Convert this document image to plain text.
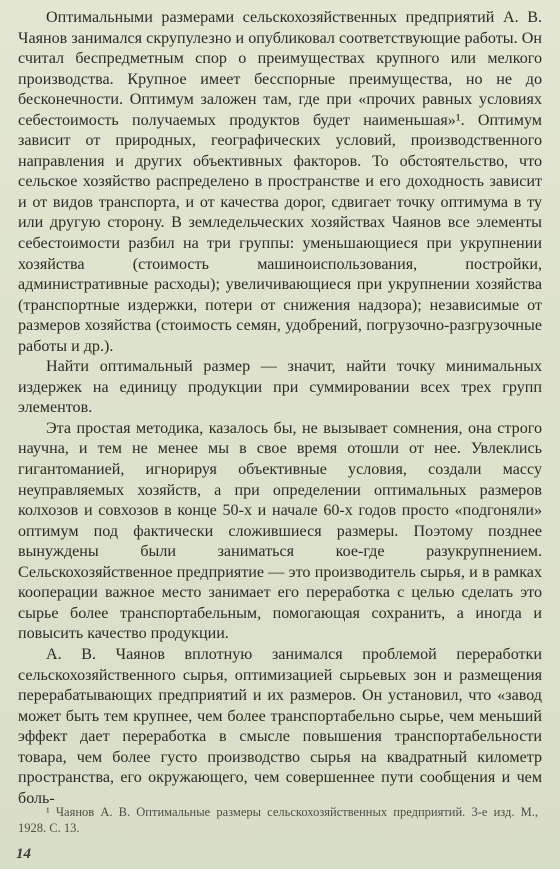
Оптимальными размерами сельскохозяйственных предприятий А. В. Чаянов занимался скрупулезно и опубликовал соответствующие работы. Он считал беспредметным спор о преимуществах крупного или мелкого производства. Крупное имеет бесспорные преимущества, но не до бесконечности. Оптимум заложен там, где при «прочих равных условиях себестоимость получаемых продуктов будет наименьшая»¹. Оптимум зависит от природных, географических условий, производственного направления и других объективных факторов. То обстоятельство, что сельское хозяйство распределено в пространстве и его доходность зависит и от видов транспорта, и от качества дорог, сдвигает точку оптимума в ту или другую сторону. В земледельческих хозяйствах Чаянов все элементы себестоимости разбил на три группы: уменьшающиеся при укрупнении хозяйства (стоимость машиноиспользования, постройки, административные расходы); увеличивающиеся при укрупнении хозяйства (транспортные издержки, потери от снижения надзора); независимые от размеров хозяйства (стоимость семян, удобрений, погрузочно-разгрузочные работы и др.).

Найти оптимальный размер — значит, найти точку минимальных издержек на единицу продукции при суммировании всех трех групп элементов.

Эта простая методика, казалось бы, не вызывает сомнения, она строго научна, и тем не менее мы в свое время отошли от нее. Увлеклись гигантоманией, игнорируя объективные условия, создали массу неуправляемых хозяйств, а при определении оптимальных размеров колхозов и совхозов в конце 50-х и начале 60-х годов просто «подгоняли» оптимум под фактически сложившиеся размеры. Поэтому позднее вынуждены были заниматься кое-где разукрупнением. Сельскохозяйственное предприятие — это производитель сырья, и в рамках кооперации важное место занимает его переработка с целью сделать это сырье более транспортабельным, помогающая сохранить, а иногда и повысить качество продукции.

А. В. Чаянов вплотную занимался проблемой переработки сельскохозяйственного сырья, оптимизацией сырьевых зон и размещения перерабатывающих предприятий и их размеров. Он установил, что «завод может быть тем крупнее, чем более транспортабельно сырье, чем меньший эффект дает переработка в смысле повышения транспортабельности товара, чем более густо производство сырья на квадратный километр пространства, его окружающего, чем совершеннее пути сообщения и чем боль-

¹ Чаянов А. В. Оптимальные размеры сельскохозяйственных предприятий. 3-е изд. М., 1928. С. 13.
14
